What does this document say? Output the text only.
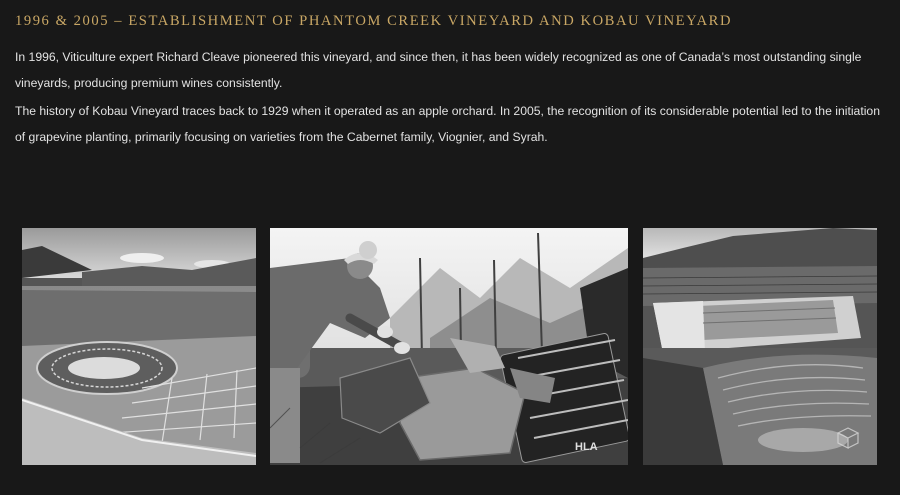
1996 & 2005 – ESTABLISHMENT OF PHANTOM CREEK VINEYARD AND KOBAU VINEYARD

In 1996, Viticulture expert Richard Cleave pioneered this vineyard, and since then, it has been widely recognized as one of Canada’s most outstanding single vineyards, producing premium wines consistently.

The history of Kobau Vineyard traces back to 1929 when it operated as an apple orchard. In 2005, the recognition of its considerable potential led to the initiation of grapevine planting, primarily focusing on varieties from the Cabernet family, Viognier, and Syrah.

HLA
